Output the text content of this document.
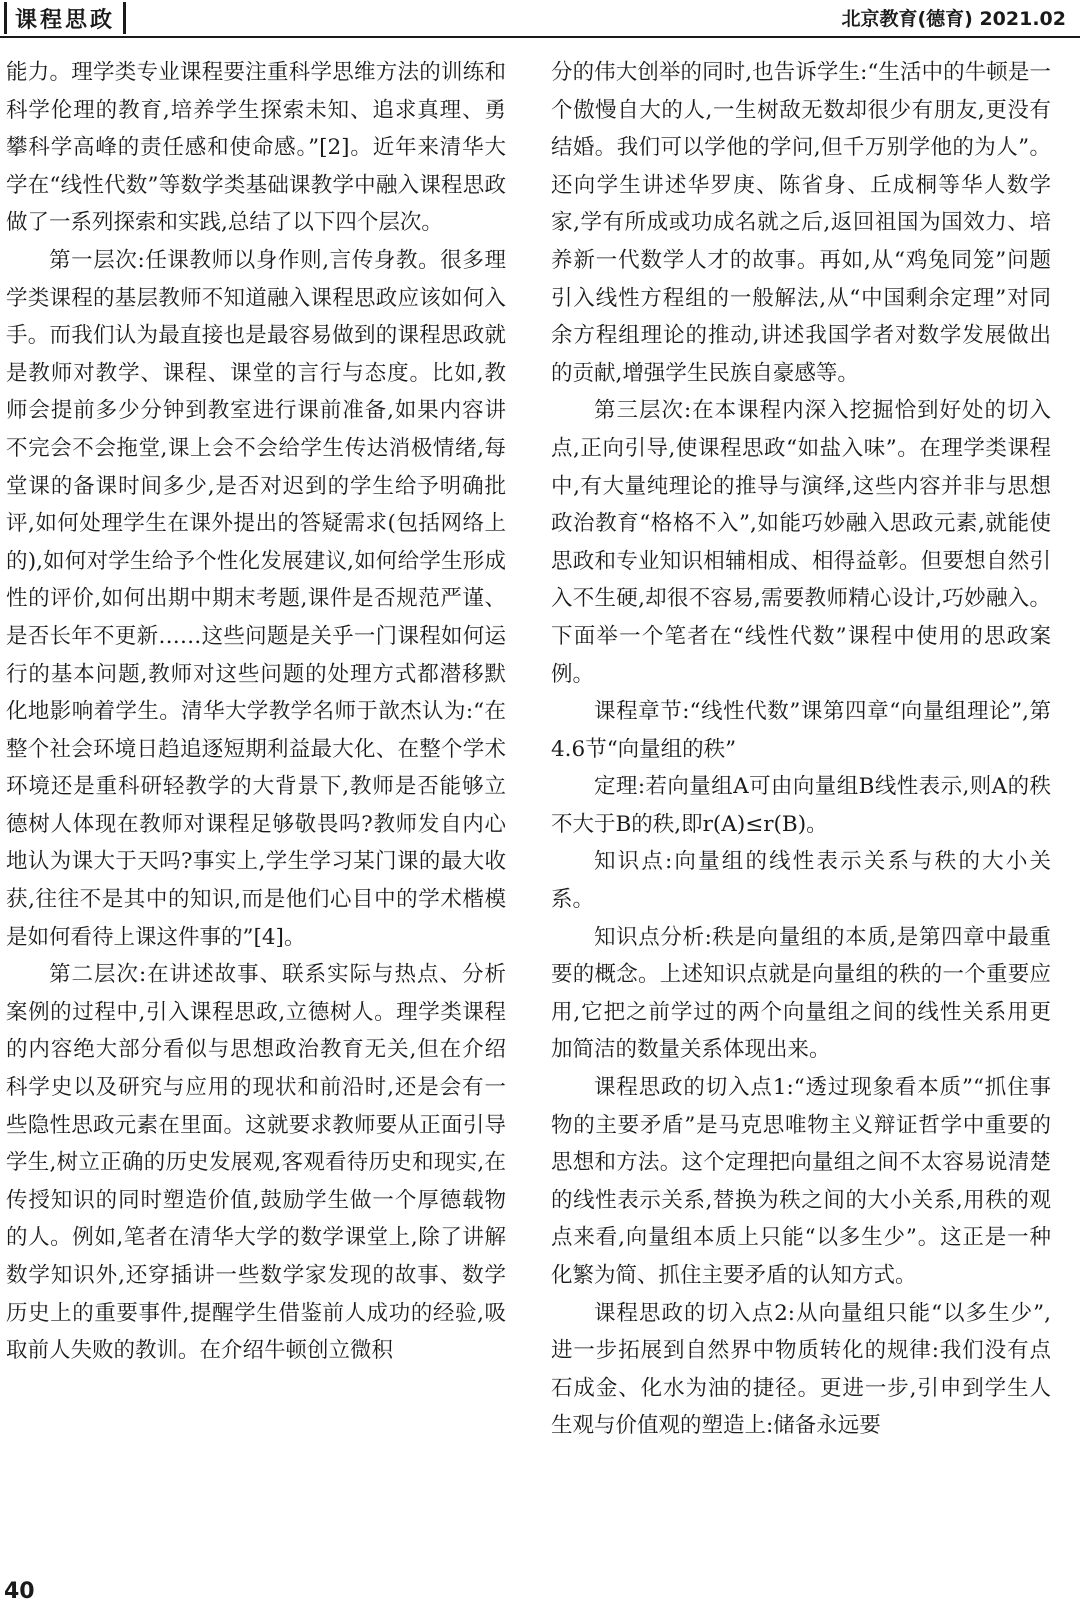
课程思政	北京教育(德育) 2021.02

能力。理学类专业课程要注重科学思维方法的训练和科学伦理的教育,培养学生探索未知、追求真理、勇攀科学高峰的责任感和使命感。”[2]。近年来清华大学在“线性代数”等数学类基础课教学中融入课程思政做了一系列探索和实践,总结了以下四个层次。

第一层次:任课教师以身作则,言传身教。很多理学类课程的基层教师不知道融入课程思政应该如何入手。而我们认为最直接也是最容易做到的课程思政就是教师对教学、课程、课堂的言行与态度。比如,教师会提前多少分钟到教室进行课前准备,如果内容讲不完会不会拖堂,课上会不会给学生传达消极情绪,每堂课的备课时间多少,是否对迟到的学生给予明确批评,如何处理学生在课外提出的答疑需求(包括网络上的),如何对学生给予个性化发展建议,如何给学生形成性的评价,如何出期中期末考题,课件是否规范严谨、是否长年不更新……这些问题是关乎一门课程如何运行的基本问题,教师对这些问题的处理方式都潜移默化地影响着学生。清华大学教学名师于歆杰认为:“在整个社会环境日趋追逐短期利益最大化、在整个学术环境还是重科研轻教学的大背景下,教师是否能够立德树人体现在教师对课程足够敬畏吗?教师发自内心地认为课大于天吗?事实上,学生学习某门课的最大收获,往往不是其中的知识,而是他们心目中的学术楷模是如何看待上课这件事的”[4]。

第二层次:在讲述故事、联系实际与热点、分析案例的过程中,引入课程思政,立德树人。理学类课程的内容绝大部分看似与思想政治教育无关,但在介绍科学史以及研究与应用的现状和前沿时,还是会有一些隐性思政元素在里面。这就要求教师要从正面引导学生,树立正确的历史发展观,客观看待历史和现实,在传授知识的同时塑造价值,鼓励学生做一个厚德载物的人。例如,笔者在清华大学的数学课堂上,除了讲解数学知识外,还穿插讲一些数学家发现的故事、数学历史上的重要事件,提醒学生借鉴前人成功的经验,吸取前人失败的教训。在介绍牛顿创立微积

分的伟大创举的同时,也告诉学生:“生活中的牛顿是一个傲慢自大的人,一生树敌无数却很少有朋友,更没有结婚。我们可以学他的学问,但千万别学他的为人”。还向学生讲述华罗庚、陈省身、丘成桐等华人数学家,学有所成或功成名就之后,返回祖国为国效力、培养新一代数学人才的故事。再如,从“鸡兔同笼”问题引入线性方程组的一般解法,从“中国剩余定理”对同余方程组理论的推动,讲述我国学者对数学发展做出的贡献,增强学生民族自豪感等。

第三层次:在本课程内深入挖掘恰到好处的切入点,正向引导,使课程思政“如盐入味”。在理学类课程中,有大量纯理论的推导与演绎,这些内容并非与思想政治教育“格格不入”,如能巧妙融入思政元素,就能使思政和专业知识相辅相成、相得益彰。但要想自然引入不生硬,却很不容易,需要教师精心设计,巧妙融入。下面举一个笔者在“线性代数”课程中使用的思政案例。

课程章节:“线性代数”课第四章“向量组理论”,第4.6节“向量组的秩”

定理:若向量组A可由向量组B线性表示,则A的秩不大于B的秩,即r(A)≤r(B)。

知识点:向量组的线性表示关系与秩的大小关系。

知识点分析:秩是向量组的本质,是第四章中最重要的概念。上述知识点就是向量组的秩的一个重要应用,它把之前学过的两个向量组之间的线性关系用更加简洁的数量关系体现出来。

课程思政的切入点1:“透过现象看本质”“抓住事物的主要矛盾”是马克思唯物主义辩证哲学中重要的思想和方法。这个定理把向量组之间不太容易说清楚的线性表示关系,替换为秩之间的大小关系,用秩的观点来看,向量组本质上只能“以多生少”。这正是一种化繁为简、抓住主要矛盾的认知方式。

课程思政的切入点2:从向量组只能“以多生少”,进一步拓展到自然界中物质转化的规律:我们没有点石成金、化水为油的捷径。更进一步,引申到学生人生观与价值观的塑造上:储备永远要

40
